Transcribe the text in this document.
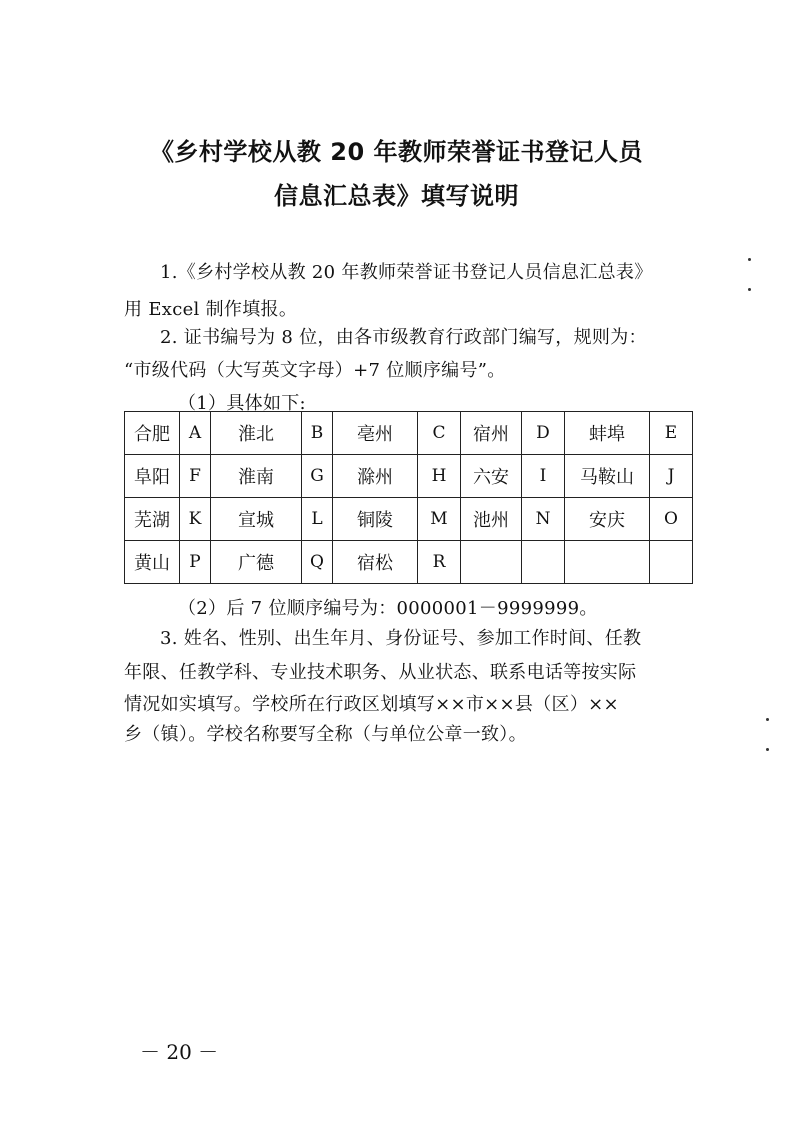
《乡村学校从教 20 年教师荣誉证书登记人员
信息汇总表》填写说明
1.《乡村学校从教 20 年教师荣誉证书登记人员信息汇总表》
用 Excel 制作填报。
2. 证书编号为 8 位，由各市级教育行政部门编写，规则为：
“市级代码（大写英文字母）+7 位顺序编号”。
（1）具体如下:
合肥	A	淮北	B	亳州	C	宿州	D	蚌埠	E
阜阳	F	淮南	G	滁州	H	六安	I	马鞍山	J
芜湖	K	宣城	L	铜陵	M	池州	N	安庆	O
黄山	P	广德	Q	宿松	R				
（2）后 7 位顺序编号为：0000001－9999999。
3. 姓名、性别、出生年月、身份证号、参加工作时间、任教
年限、任教学科、专业技术职务、从业状态、联系电话等按实际
情况如实填写。学校所在行政区划填写××市××县（区）××
乡（镇）。学校名称要写全称（与单位公章一致）。
－ 20 －
